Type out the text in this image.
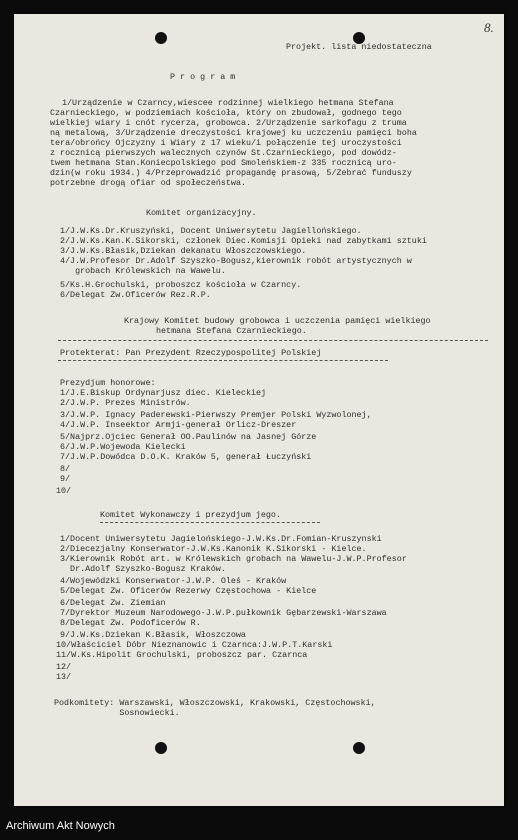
8.
Projekt. lista niedostateczna
P r o g r a m
1/Urządzenie w Czarncy,wiescee rodzinnej wielkiego hetmana Stefana
Czarnieckiego, w podziemiach kościoła, który on zbudował, godnego tego
wielkiej wiary i cnót rycerza, grobowca. 2/Urządzenie sarkofagu z truma
ną metalową, 3/Urządzenie dreczystości krajowej ku uczczeniu pamięci boha
tera/obrońcy Ojczyzny i Wiary z 17 wieku/i połączenie tej uroczystości
z rocznicą pierwszych walecznych czynów St.Czarnieckiego, pod dowódz-
twem hetmana Stan.Koniecpolskiego pod Smoleńskiem-z 335 rocznicą uro-
dzin(w roku 1934.) 4/Przeprowadzić propagandę prasową, 5/Zebrać funduszy
potrzebne drogą ofiar od społeczeństwa.
Komitet organizacyjny.
1/J.W.Ks.Dr.Kruszyński, Docent Uniwersytetu Jagiellońskiego.
2/J.W.Ks.Kan.K.Sikorski, członek Diec.Komisji Opieki nad zabytkami sztuki
3/J.W.Ks.Błasik,Dziekan dekanatu Włoszczowskiego.
4/J.W.Profesor Dr.Adolf Szyszko-Bogusz,kierownik robót artystycznych w
grobach Królewskich na Wawelu.
5/Ks.H.Grochulski, proboszcz kościoła w Czarncy.
6/Delegat Zw.Oficerów Rez.R.P.
Krajowy Komitet budowy grobowca i uczczenia pamięci wielkiego
hetmana Stefana Czarnieckiego.
Protekterat: Pan Prezydent Rzeczypospolitej Polskiej
Prezydjum honorowe:
1/J.E.Biskup Ordynarjusz diec. Kieleckiej
2/J.W.P. Prezes Ministrów.
3/J.W.P. Ignacy Paderewski-Pierwszy Premjer Polski Wyzwolonej,
4/J.W.P. Inseektor Armji-generał Orlicz-Dreszer
5/Najprz.Ojciec Generał OO.Paulinów na Jasnej Górze
6/J.W.P.Wojewoda Kielecki
7/J.W.P.Dowódca D.O.K. Kraków 5, generał Łuczyński
8/
9/
10/
Komitet Wykonawczy i prezydjum jego.
1/Docent Uniwersytetu Jagielońskiego-J.W.Ks.Dr.Fomian-Kruszynski
2/Diecezjalny Konserwator-J.W.Ks.Kanonik K.Sikorski - Kielce.
3/Kierownik Robót art. w Królewskich grobach na Wawelu-J.W.P.Profesor
Dr.Adolf Szyszko-Bogusz Kraków.
4/Wojewódzki Konserwator-J.W.P. Oleś - Kraków
5/Delegat Zw. Oficerów Rezerwy Częstochowa - Kielce
6/Delegat Zw. Ziemian
7/Dyrektor Muzeum Narodowego-J.W.P.pułkownik Gębarzewski-Warszawa
8/Delegat Zw. Podoficerów R.
9/J.W.Ks.Dziekan K.Błasik, Włoszczowa
10/Właściciel Dóbr Nieznanowic i Czarnca:J.W.P.T.Karski
11/W.Ks.Hipolit Grochulski, proboszcz par. Czarnca
12/
13/
Podkomitety: Warszawski, Włoszczowski, Krakowski, Częstochowski,
Sosnowiecki.
Archiwum Akt Nowych
